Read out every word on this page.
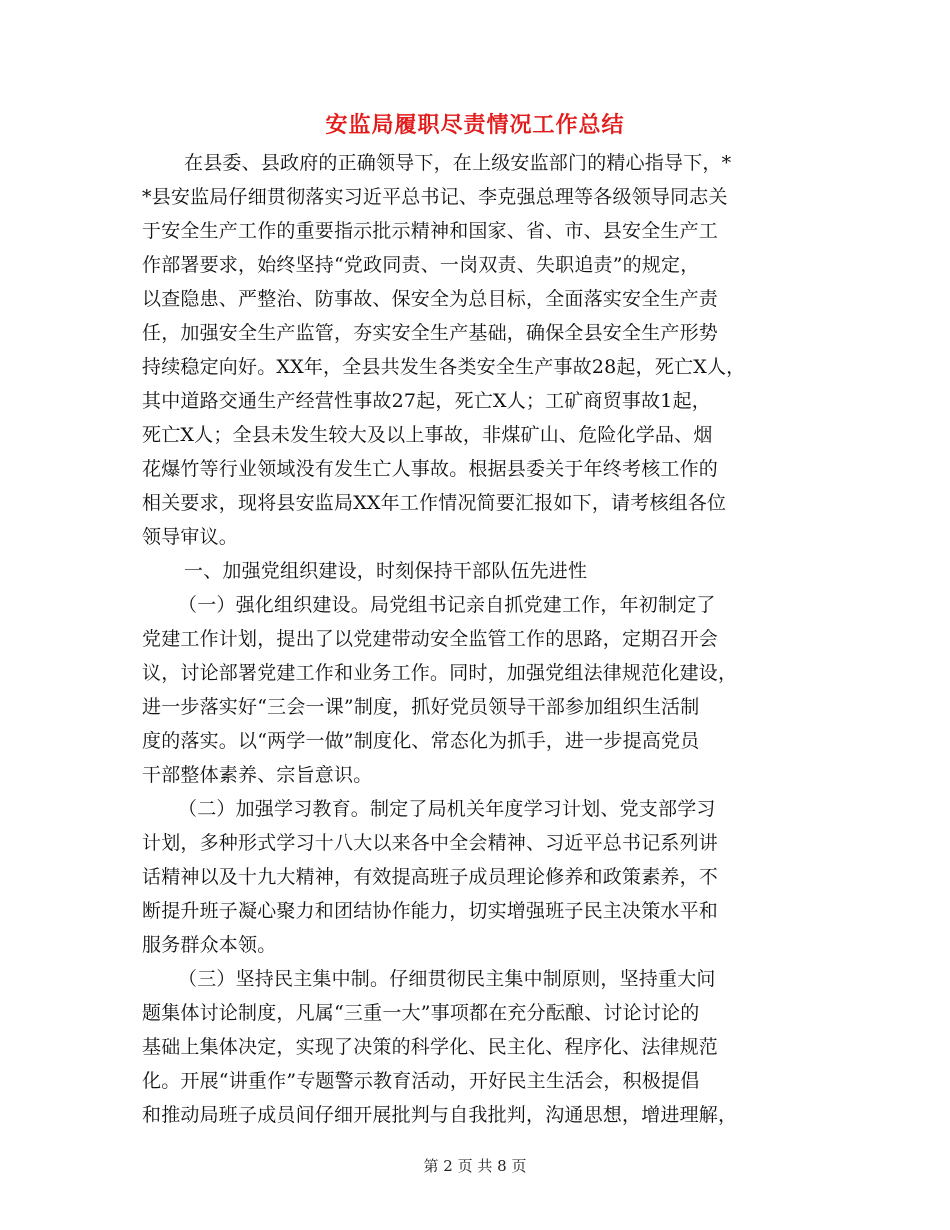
安监局履职尽责情况工作总结
在县委、县政府的正确领导下，在上级安监部门的精心指导下，*
*县安监局仔细贯彻落实习近平总书记、李克强总理等各级领导同志关
于安全生产工作的重要指示批示精神和国家、省、市、县安全生产工
作部署要求，始终坚持“党政同责、一岗双责、失职追责”的规定，
以查隐患、严整治、防事故、保安全为总目标，全面落实安全生产责
任，加强安全生产监管，夯实安全生产基础，确保全县安全生产形势
持续稳定向好。XX年，全县共发生各类安全生产事故28起，死亡X人，
其中道路交通生产经营性事故27起，死亡X人；工矿商贸事故1起，
死亡X人；全县未发生较大及以上事故，非煤矿山、危险化学品、烟
花爆竹等行业领域没有发生亡人事故。根据县委关于年终考核工作的
相关要求，现将县安监局XX年工作情况简要汇报如下，请考核组各位
领导审议。
一、加强党组织建设，时刻保持干部队伍先进性
（一）强化组织建设。局党组书记亲自抓党建工作，年初制定了
党建工作计划，提出了以党建带动安全监管工作的思路，定期召开会
议，讨论部署党建工作和业务工作。同时，加强党组法律规范化建设，
进一步落实好“三会一课”制度，抓好党员领导干部参加组织生活制
度的落实。以“两学一做”制度化、常态化为抓手，进一步提高党员
干部整体素养、宗旨意识。
（二）加强学习教育。制定了局机关年度学习计划、党支部学习
计划，多种形式学习十八大以来各中全会精神、习近平总书记系列讲
话精神以及十九大精神，有效提高班子成员理论修养和政策素养，不
断提升班子凝心聚力和团结协作能力，切实增强班子民主决策水平和
服务群众本领。
（三）坚持民主集中制。仔细贯彻民主集中制原则，坚持重大问
题集体讨论制度，凡属“三重一大”事项都在充分酝酿、讨论讨论的
基础上集体决定，实现了决策的科学化、民主化、程序化、法律规范
化。开展“讲重作”专题警示教育活动，开好民主生活会，积极提倡
和推动局班子成员间仔细开展批判与自我批判，沟通思想，增进理解，
第 2 页 共 8 页
